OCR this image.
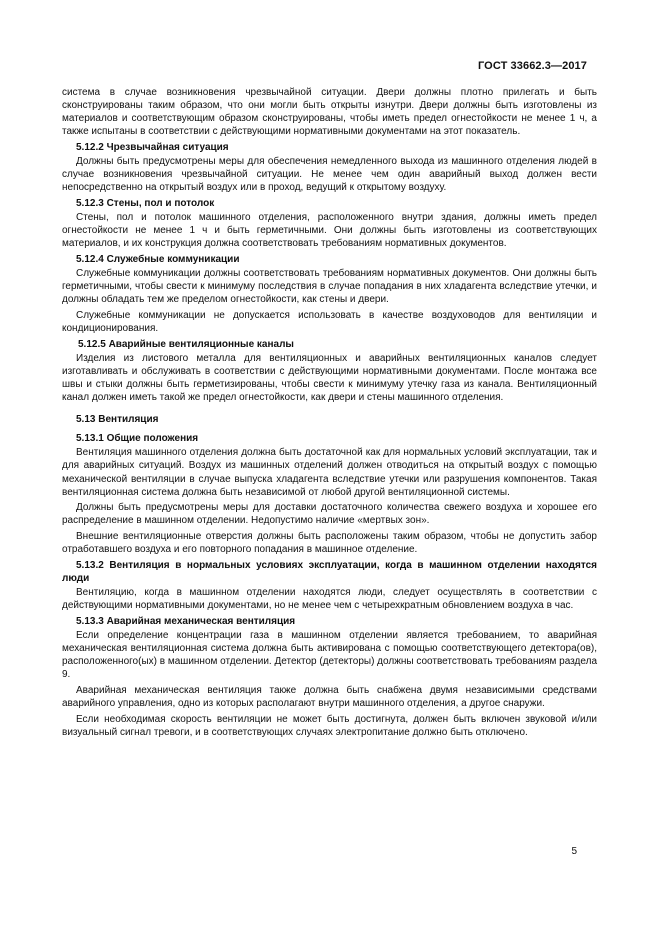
ГОСТ 33662.3—2017

система в случае возникновения чрезвычайной ситуации. Двери должны плотно прилегать и быть сконструированы таким образом, что они могли быть открыты изнутри. Двери должны быть изготовлены из материалов и соответствующим образом сконструированы, чтобы иметь предел огнестойкости не менее 1 ч, а также испытаны в соответствии с действующими нормативными документами на этот показатель.

5.12.2 Чрезвычайная ситуация

Должны быть предусмотрены меры для обеспечения немедленного выхода из машинного отделения людей в случае возникновения чрезвычайной ситуации. Не менее чем один аварийный выход должен вести непосредственно на открытый воздух или в проход, ведущий к открытому воздуху.

5.12.3 Стены, пол и потолок

Стены, пол и потолок машинного отделения, расположенного внутри здания, должны иметь предел огнестойкости не менее 1 ч и быть герметичными. Они должны быть изготовлены из соответствующих материалов, и их конструкция должна соответствовать требованиям нормативных документов.

5.12.4 Служебные коммуникации

Служебные коммуникации должны соответствовать требованиям нормативных документов. Они должны быть герметичными, чтобы свести к минимуму последствия в случае попадания в них хладагента вследствие утечки, и должны обладать тем же пределом огнестойкости, как стены и двери.

Служебные коммуникации не допускается использовать в качестве воздуховодов для вентиляции и кондиционирования.

5.12.5 Аварийные вентиляционные каналы

Изделия из листового металла для вентиляционных и аварийных вентиляционных каналов следует изготавливать и обслуживать в соответствии с действующими нормативными документами. После монтажа все швы и стыки должны быть герметизированы, чтобы свести к минимуму утечку газа из канала. Вентиляционный канал должен иметь такой же предел огнестойкости, как двери и стены машинного отделения.

5.13 Вентиляция
5.13.1 Общие положения

Вентиляция машинного отделения должна быть достаточной как для нормальных условий эксплуатации, так и для аварийных ситуаций. Воздух из машинных отделений должен отводиться на открытый воздух с помощью механической вентиляции в случае выпуска хладагента вследствие утечки или разрушения компонентов. Такая вентиляционная система должна быть независимой от любой другой вентиляционной системы.

Должны быть предусмотрены меры для доставки достаточного количества свежего воздуха и хорошее его распределение в машинном отделении. Недопустимо наличие «мертвых зон».

Внешние вентиляционные отверстия должны быть расположены таким образом, чтобы не допустить забор отработавшего воздуха и его повторного попадания в машинное отделение.

5.13.2 Вентиляция в нормальных условиях эксплуатации, когда в машинном отделении находятся люди

Вентиляцию, когда в машинном отделении находятся люди, следует осуществлять в соответствии с действующими нормативными документами, но не менее чем с четырехкратным обновлением воздуха в час.

5.13.3 Аварийная механическая вентиляция

Если определение концентрации газа в машинном отделении является требованием, то аварийная механическая вентиляционная система должна быть активирована с помощью соответствующего детектора(ов), расположенного(ых) в машинном отделении. Детектор (детекторы) должны соответствовать требованиям раздела 9.

Аварийная механическая вентиляция также должна быть снабжена двумя независимыми средствами аварийного управления, одно из которых располагают внутри машинного отделения, а другое снаружи.

Если необходимая скорость вентиляции не может быть достигнута, должен быть включен звуковой и/или визуальный сигнал тревоги, и в соответствующих случаях электропитание должно быть отключено.

5
